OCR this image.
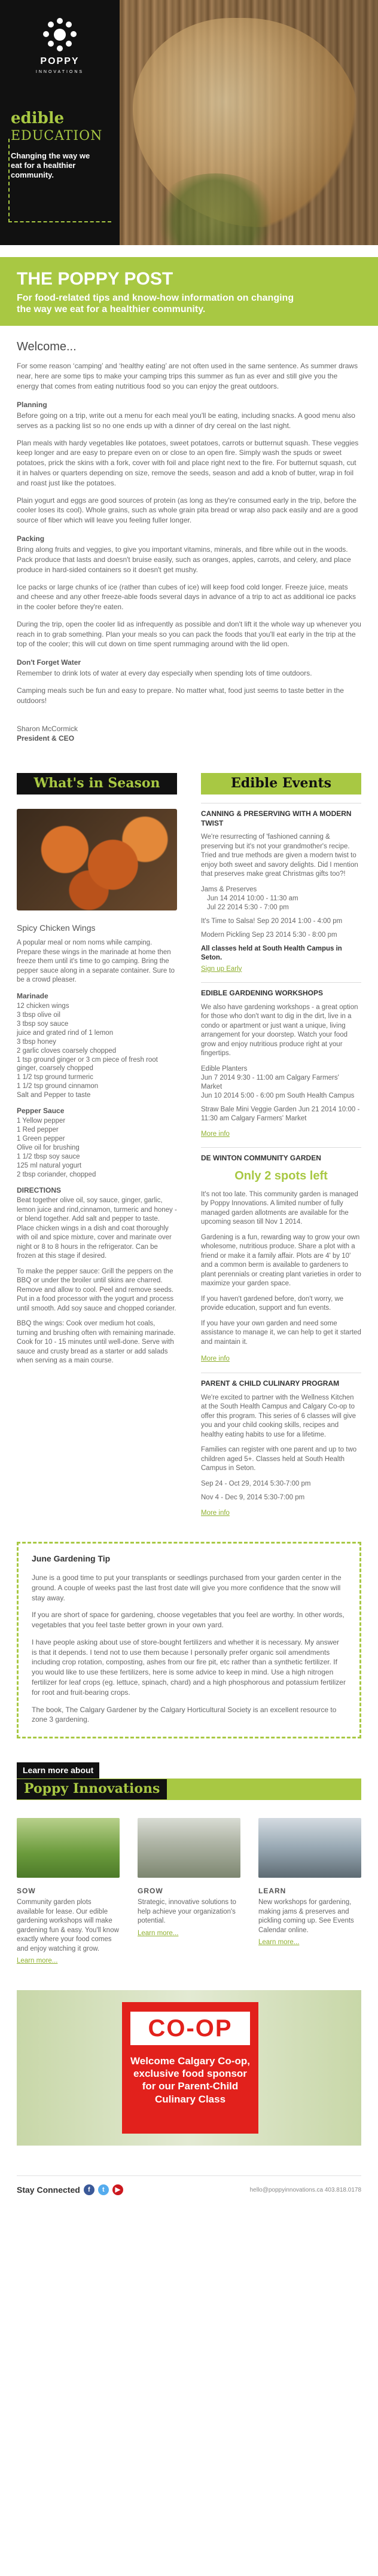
POPPY
INNOVATIONS
edible
EDUCATION
Changing the way we eat for a healthier community.
THE POPPY POST
For food-related tips and know-how information on changing the way we eat for a healthier community.
Welcome...

For some reason ‘camping’ and ‘healthy eating’ are not often used in the same sentence. As summer draws near, here are some tips to make your camping trips this summer as fun as ever and still give you the energy that comes from eating nutritious food so you can enjoy the great outdoors.

Planning

Before going on a trip, write out a menu for each meal you'll be eating, including snacks. A good menu also serves as a packing list so no one ends up with a dinner of dry cereal on the last night.

Plan meals with hardy vegetables like potatoes, sweet potatoes, carrots or butternut squash. These veggies keep longer and are easy to prepare even on or close to an open fire. Simply wash the spuds or sweet potatoes, prick the skins with a fork, cover with foil and place right next to the fire. For butternut squash, cut it in halves or quarters depending on size, remove the seeds, season and add a knob of butter, wrap in foil and roast just like the potatoes.

Plain yogurt and eggs are good sources of protein (as long as they're consumed early in the trip, before the cooler loses its cool). Whole grains, such as whole grain pita bread or wrap also pack easily and are a good source of fiber which will leave you feeling fuller longer.

Packing

Bring along fruits and veggies, to give you important vitamins, minerals, and fibre while out in the woods. Pack produce that lasts and doesn't bruise easily, such as oranges, apples, carrots, and celery, and place produce in hard-sided containers so it doesn't get mushy.

Ice packs or large chunks of ice (rather than cubes of ice) will keep food cold longer. Freeze juice, meats and cheese and any other freeze-able foods several days in advance of a trip to act as additional ice packs in the cooler before they're eaten.

During the trip, open the cooler lid as infrequently as possible and don't lift it the whole way up whenever you reach in to grab something. Plan your meals so you can pack the foods that you'll eat early in the trip at the top of the cooler; this will cut down on time spent rummaging around with the lid open.

Don't Forget Water

Remember to drink lots of water at every day especially when spending lots of time outdoors.

Camping meals such be fun and easy to prepare. No matter what, food just seems to taste better in the outdoors!

Sharon McCormick
President & CEO
What's in Season
Spicy Chicken Wings

A popular meal or nom noms while camping. Prepare these wings in the marinade at home then freeze them until it's time to go camping. Bring the pepper sauce along in a separate container. Sure to be a crowd pleaser.

Marinade
12 chicken wings
3 tbsp olive oil
3 tbsp soy sauce
juice and grated rind of 1 lemon
3 tbsp honey
2 garlic cloves coarsely chopped
1 tsp ground ginger or 3 cm piece of fresh root ginger, coarsely chopped
1 1/2 tsp ground turmeric
1 1/2 tsp ground cinnamon
Salt and Pepper to taste
Pepper Sauce
1 Yellow pepper
1 Red pepper
1 Green pepper
Olive oil for brushing
1 1/2 tbsp soy sauce
125 ml natural yogurt
2 tbsp coriander, chopped
DIRECTIONS

Beat together olive oil, soy sauce, ginger, garlic, lemon juice and rind,cinnamon, turmeric and honey - or blend together. Add salt and pepper to taste. Place chicken wings in a dish and coat thoroughly with oil and spice mixture, cover and marinate over night or 8 to 8 hours in the refrigerator. Can be frozen at this stage if desired.

To make the pepper sauce: Grill the peppers on the BBQ or under the broiler until skins are charred. Remove and allow to cool. Peel and remove seeds. Put in a food processor with the yogurt and process until smooth. Add soy sauce and chopped coriander.

BBQ the wings: Cook over medium hot coals, turning and brushing often with remaining marinade. Cook for 10 - 15 minutes until well-done. Serve with sauce and crusty bread as a starter or add salads when serving as a main course.

Edible Events
CANNING & PRESERVING WITH A MODERN TWIST

We're resurrecting of 'fashioned canning & preserving but it's not your grandmother's recipe. Tried and true methods are given a modern twist to enjoy both sweet and savory delights. Did I mention that preserves make great Christmas gifts too?!

Jams & Preserves
Jun 14 2014 10:00 - 11:30 am
Jul 22 2014 5:30 - 7:00 pm
It's Time to Salsa! Sep 20 2014 1:00 - 4:00 pm
Modern Pickling Sep 23 2014 5:30 - 8:00 pm
All classes held at South Health Campus in Seton.
Sign up Early
EDIBLE GARDENING WORKSHOPS

We also have gardening workshops - a great option for those who don't want to dig in the dirt, live in a condo or apartment or just want a unique, living arrangement for your doorstep. Watch your food grow and enjoy nutritious produce right at your fingertips.

Edible Planters
Jun 7 2014 9:30 - 11:00 am Calgary Farmers' Market
Jun 10 2014 5:00 - 6:00 pm South Health Campus
Straw Bale Mini Veggie Garden Jun 21 2014 10:00 - 11:30 am Calgary Farmers' Market
More info
DE WINTON COMMUNITY GARDEN
Only 2 spots left

It's not too late. This community garden is managed by Poppy Innovations. A limited number of fully managed garden allotments are available for the upcoming season till Nov 1 2014.

Gardening is a fun, rewarding way to grow your own wholesome, nutritious produce. Share a plot with a friend or make it a family affair. Plots are 4' by 10' and a common berm is available to gardeners to plant perennials or creating plant varieties in order to maximize your garden space.

If you haven't gardened before, don't worry, we provide education, support and fun events.

If you have your own garden and need some assistance to manage it, we can help to get it started and maintain it.

More info
PARENT & CHILD CULINARY PROGRAM

We're excited to partner with the Wellness Kitchen at the South Health Campus and Calgary Co-op to offer this program. This series of 6 classes will give you and your child cooking skills, recipes and healthy eating habits to use for a lifetime.

Families can register with one parent and up to two children aged 5+. Classes held at South Health Campus in Seton.

Sep 24 - Oct 29, 2014 5:30-7:00 pm
Nov 4 - Dec 9, 2014 5:30-7:00 pm
More info
June Gardening Tip

June is a good time to put your transplants or seedlings purchased from your garden center in the ground. A couple of weeks past the last frost date will give you more confidence that the snow will stay away.

If you are short of space for gardening, choose vegetables that you feel are worthy. In other words, vegetables that you feel taste better grown in your own yard.

I have people asking about use of store-bought fertilizers and whether it is necessary. My answer is that it depends. I tend not to use them because I personally prefer organic soil amendments including crop rotation, composting, ashes from our fire pit, etc rather than a synthetic fertilizer. If you would like to use these fertilizers, here is some advice to keep in mind. Use a high nitrogen fertilizer for leaf crops (eg. lettuce, spinach, chard) and a high phosphorous and potassium fertilizer for root and fruit-bearing crops.

The book, The Calgary Gardener by the Calgary Horticultural Society is an excellent resource to zone 3 gardening.

Learn more about
Poppy Innovations
SOW

Community garden plots available for lease. Our edible gardening workshops will make gardening fun & easy. You'll know exactly where your food comes and enjoy watching it grow.

Learn more...
GROW

Strategic, innovative solutions to help achieve your organization's potential.

Learn more...
LEARN

New workshops for gardening, making jams & preserves and pickling coming up. See Events Calendar online.

Learn more...
CO-OP
Welcome Calgary Co-op, exclusive food sponsor for our Parent-Child Culinary Class
Stay Connected	f	t	▶	hello@poppyinnovations.ca 403.818.0178
